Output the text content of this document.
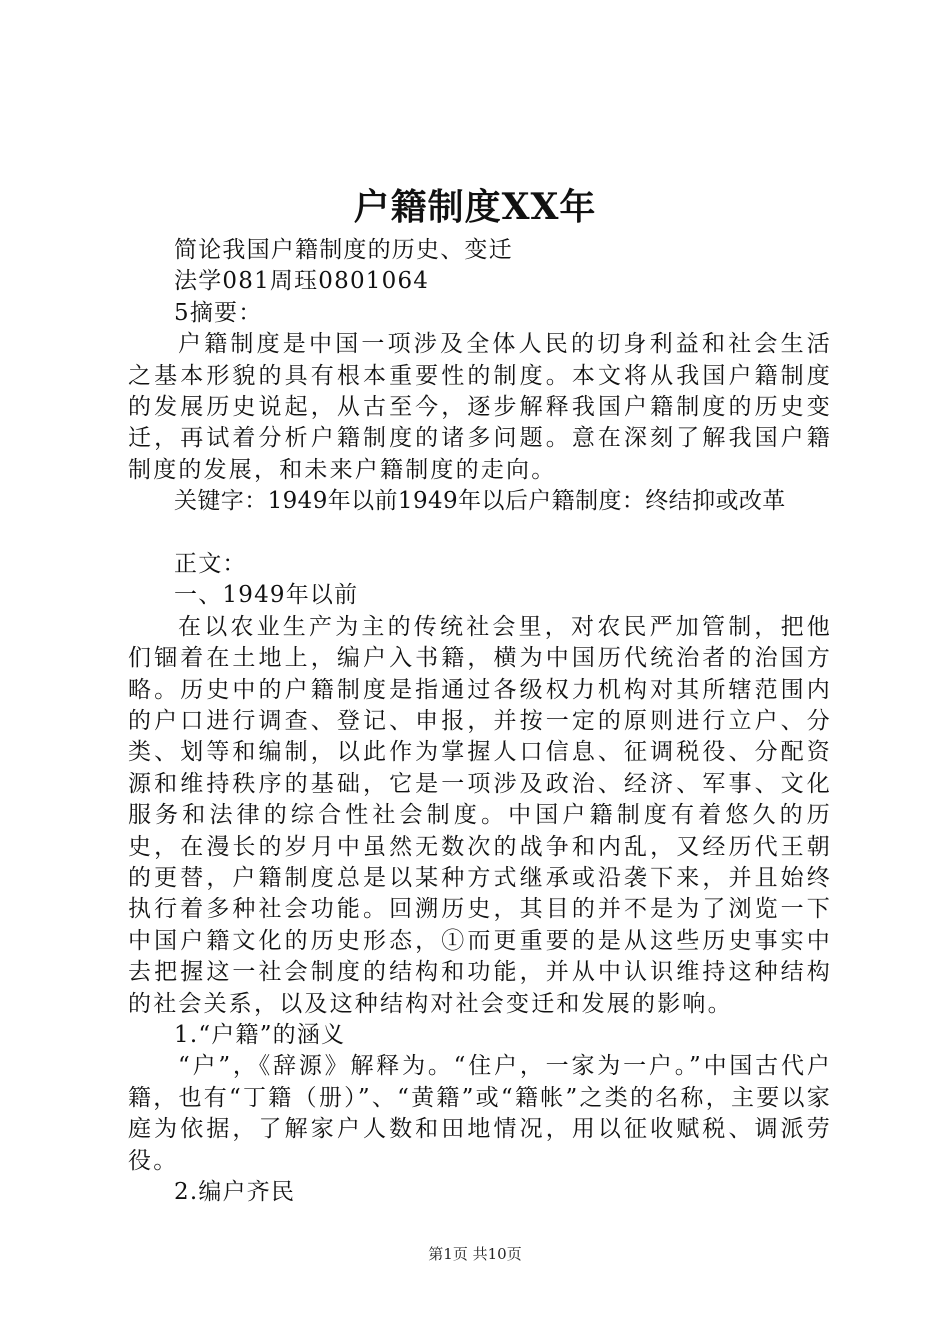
户籍制度XX年
简论我国户籍制度的历史、变迁
法学081周珏0801064
5摘要：
户籍制度是中国一项涉及全体人民的切身利益和社会生活之基本形貌的具有根本重要性的制度。本文将从我国户籍制度的发展历史说起，从古至今，逐步解释我国户籍制度的历史变迁，再试着分析户籍制度的诸多问题。意在深刻了解我国户籍制度的发展，和未来户籍制度的走向。
关键字：1949年以前1949年以后户籍制度：终结抑或改革
正文：
一、1949年以前
在以农业生产为主的传统社会里，对农民严加管制，把他们锢着在土地上，编户入书籍，横为中国历代统治者的治国方略。历史中的户籍制度是指通过各级权力机构对其所辖范围内的户口进行调查、登记、申报，并按一定的原则进行立户、分类、划等和编制，以此作为掌握人口信息、征调税役、分配资源和维持秩序的基础，它是一项涉及政治、经济、军事、文化服务和法律的综合性社会制度。中国户籍制度有着悠久的历史，在漫长的岁月中虽然无数次的战争和内乱，又经历代王朝的更替，户籍制度总是以某种方式继承或沿袭下来，并且始终执行着多种社会功能。回溯历史，其目的并不是为了浏览一下中国户籍文化的历史形态，①而更重要的是从这些历史事实中去把握这一社会制度的结构和功能，并从中认识维持这种结构的社会关系，以及这种结构对社会变迁和发展的影响。
1.“户籍”的涵义
“户”，《辞源》解释为。“住户，一家为一户。”中国古代户籍，也有“丁籍（册）”、“黄籍”或“籍帐”之类的名称，主要以家庭为依据，了解家户人数和田地情况，用以征收赋税、调派劳役。
2.编户齐民
第1页 共10页
